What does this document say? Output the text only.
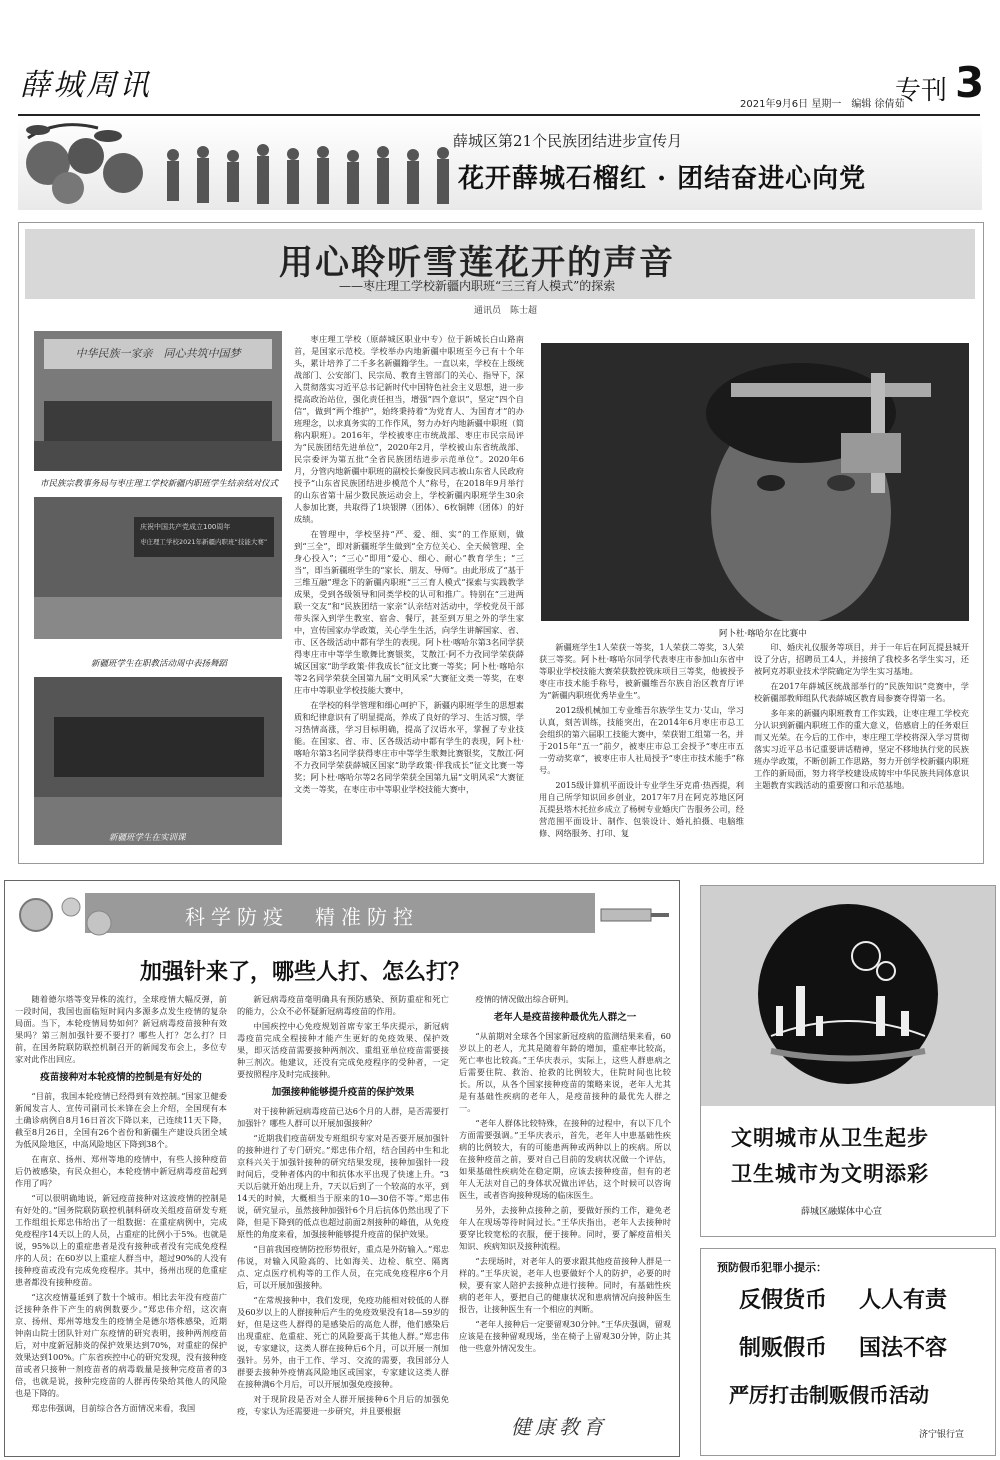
薛城周讯
2021年9月6日 星期一　编辑 徐倩茹
专刊 3
薛城区第21个民族团结进步宣传月
花开薛城石榴红 · 团结奋进心向党
用心聆听雪莲花开的声音
——枣庄理工学校新疆内职班“三三育人模式”的探索
通讯员　陈士超
中华民族一家亲　同心共筑中国梦
市民族宗教事务局与枣庄理工学校新疆内职班学生结亲结对仪式
庆祝中国共产党成立100周年
枣庄理工学校2021年新疆内职班“技能大赛”
新疆班学生在职教活动周中表扬舞蹈
新疆班学生在实训课

枣庄理工学校（原薛城区职业中专）位于新城长白山路南首，是国家示范校。学校举办内地新疆中职班至今已有十个年头，累计培养了二千多名新疆籍学生。一直以来，学校在上级统战部门、公安部门、民宗局、教育主管部门的关心、指导下，深入贯彻落实习近平总书记新时代中国特色社会主义思想，进一步提高政治站位，强化责任担当，增强“四个意识”，坚定“四个自信”，做到“两个维护”，始终秉持着“为党育人、为国育才”的办班理念，以求真务实的工作作风，努力办好内地新疆中职班（简称内职班）。2016年，学校被枣庄市统战部、枣庄市民宗局评为“民族团结先进单位”，2020年2月，学校被山东省统战部、民宗委评为第五批“全省民族团结进步示范单位”。2020年6月，分管内地新疆中职班的副校长秦俊民同志被山东省人民政府授予“山东省民族团结进步模范个人”称号，在2018年9月举行的山东省第十届少数民族运动会上，学校新疆内职班学生30余人参加比赛，共取得了1块银牌（团体）、6枚铜牌（团体）的好成绩。

在管理中，学校坚持“严、爱、细、实”的工作原则，做到“三全”，即对新疆班学生做到“全方位关心、全天候管理、全身心投入”；“三心”即用“爱心、细心、耐心”教育学生；“三当”，即当新疆班学生的“家长、朋友、导师”。由此形成了“基于三维互融”理念下的新疆内职班“三三育人模式”探索与实践教学成果，受到各级领导和同类学校的认可和推广。特别在“三进两联一交友”和“民族团结一家亲”认亲结对活动中，学校党员干部带头深入到学生教室、宿舍、餐厅，甚至到万里之外的学生家中，宣传国家办学政策，关心学生生活，向学生讲解国家、省、市、区各级活动中都有学生的表现。阿卜杜·喀哈尔第3名同学获得枣庄市中等学生歌舞比赛银奖，艾散江·阿不力孜同学荣获薛城区国家“助学政策·伴我成长”征文比赛一等奖；阿卜杜·喀哈尔等2名同学荣获全国第九届“文明风采”大赛征文类一等奖，在枣庄市中等职业学校技能大赛中，

在学校的科学管理和细心呵护下，新疆内职班学生的思想素质和纪律意识有了明显提高，养成了良好的学习、生活习惯，学习热情高涨，学习目标明确，提高了汉语水平，掌握了专业技能。在国家、省、市、区各级活动中都有学生的表现，阿卜杜·喀哈尔第3名同学获得枣庄市中等学生歌舞比赛银奖，艾散江·阿不力孜同学荣获薛城区国家“助学政策·伴我成长”征文比赛一等奖；阿卜杜·喀哈尔等2名同学荣获全国第九届“文明风采”大赛征文类一等奖，在枣庄市中等职业学校技能大赛中，

阿卜杜·喀哈尔在比赛中

新疆班学生1人荣获一等奖，1人荣获二等奖，3人荣获三等奖。阿卜杜·喀哈尔同学代表枣庄市参加山东省中等职业学校技能大赛荣获数控铣床项目三等奖，他被授予枣庄市技术能手称号，被新疆维吾尔族自治区教育厅评为“新疆内职班优秀毕业生”。

2012级机械加工专业维吾尔族学生艾力·艾山，学习认真，刻苦训练，技能突出，在2014年6月枣庄市总工会组织的第六届职工技能大赛中，荣获钳工组第一名，并于2015年“五一”前夕，被枣庄市总工会授予“枣庄市五一劳动奖章”，被枣庄市人社局授予“枣庄市技术能手”称号。

2015级计算机平面设计专业学生牙克甫·热西提，利用自己所学知识回乡创业，2017年7月在阿克苏地区阿瓦提县塔木托拉乡成立了杨树专业婚庆广告服务公司，经营范围平面设计、制作、包装设计、婚礼拍摄、电脑维修、网络服务、打印、复

印、婚庆礼仪服务等项目，并于一年后在阿瓦提县城开设了分店，招聘员工4人，并接纳了我校多名学生实习，还被阿克苏职业技术学院确定为学生实习基地。

在2017年薛城区统战部举行的“民族知识”竞赛中，学校新疆部教师组队代表薛城区教育局参赛夺得第一名。

多年来的新疆内职班教育工作实践，让枣庄理工学校充分认识到新疆内职班工作的重大意义，倍感肩上的任务艰巨而又光荣。在今后的工作中，枣庄理工学校将深入学习贯彻落实习近平总书记重要讲话精神，坚定不移地执行党的民族班办学政策，不断创新工作思路，努力开创学校新疆内职班工作的新局面，努力将学校建设成铸牢中华民族共同体意识主题教育实践活动的重要窗口和示范基地。

科学防疫　精准防控
加强针来了，哪些人打、怎么打？

随着德尔塔等变异株的流行，全球疫情大幅反弹，前一段时间，我国也面临短时间内多源多点发生疫情的复杂局面。当下，本轮疫情局势如何？新冠病毒疫苗接种有效果吗？第三剂加强针要不要打？哪些人打？怎么打？日前，在国务院联防联控机制召开的新闻发布会上，多位专家对此作出回应。

疫苗接种对本轮疫情的控制是有好处的

“目前，我国本轮疫情已经得到有效控制。”国家卫健委新闻发言人、宣传司副司长米锋在会上介绍，全国现有本土确诊病例自8月16日首次下降以来，已连续11天下降，截至8月26日，全国有26个省份和新疆生产建设兵团全域为低风险地区，中高风险地区下降到38个。

在南京、扬州、郑州等地的疫情中，有些人接种疫苗后仍被感染，有民众担心，本轮疫情中新冠病毒疫苗起到作用了吗？

“可以很明确地说，新冠疫苗接种对这波疫情的控制是有好处的。”国务院联防联控机制科研攻关组疫苗研发专班工作组组长郑忠伟给出了一组数据：在重症病例中，完成免疫程序14天以上的人员，占重症的比例小于5%。也就是说，95%以上的重症患者是没有接种或者没有完成免疫程序的人员；在60岁以上重症人群当中，超过90%的人没有接种疫苗或没有完成免疫程序。其中，扬州出现的危重症患者都没有接种疫苗。

“这次疫情蔓延到了数十个城市。相比去年没有疫苗广泛接种条件下产生的病例数要少。”郑忠伟介绍，这次南京、扬州、郑州等地发生的疫情全是德尔塔株感染，近期钟南山院士团队针对广东疫情的研究表明，接种两剂疫苗后，对中度新冠肺炎的保护效果达到70%，对重症的保护效果达到100%。广东省疾控中心的研究发现，没有接种疫苗或者只接种一剂疫苗者的病毒载量是接种完疫苗者的3倍，也就是说，接种完疫苗的人群再传染给其他人的风险也是下降的。

郑忠伟强调，目前综合各方面情况来看，我国

新冠病毒疫苗毫明确具有预防感染、预防重症和死亡的能力，公众不必怀疑新冠病毒疫苗的作用。

中国疾控中心免疫规划首席专家王华庆提示，新冠病毒疫苗完成全程接种才能产生更好的免疫效果、保护效果，即灭活疫苗需要接种两剂次、重组亚单位疫苗需要接种三剂次。他建议，还没有完成免疫程序的受种者，一定要按照程序及时完成接种。

加强接种能够提升疫苗的保护效果

对于接种新冠病毒疫苗已达6个月的人群，是否需要打加强针？哪些人群可以开展加强接种？

“近期我们疫苗研发专班组织专家对是否要开展加强针的接种进行了专门研究。”郑忠伟介绍，结合国药中生和北京科兴关于加强针接种的研究结果发现，接种加强针一段时间后，受种者体内的中和抗体水平出现了快速上升。“3天以后就开始出现上升，7天以后到了一个较高的水平，到14天的时候，大概相当于原来的10—30倍不等。”郑忠伟说，研究显示，虽然接种加强针6个月后抗体仍然出现了下降，但是下降到的低点也超过前面2剂接种的峰值，从免疫原性的角度来看，加强接种能够提升疫苗的保护效果。

“目前我国疫情防控形势很好，重点是外防输入。”郑忠伟说，对输入风险高的、比如海关、边检、航空、隔离点、定点医疗机构等的工作人员，在完成免疫程序6个月后，可以开展加强接种。

“在常规接种中，我们发现，免疫功能相对较低的人群及60岁以上的人群接种后产生的免疫效果没有18—59岁的好，但是这些人群得的是感染后的高危人群，他们感染后出现重症、危重症、死亡的风险要高于其他人群。”郑忠伟说，专家建议，这类人群在接种后6个月，可以开展一剂加强针。另外，由于工作、学习、交流的需要，我国部分人群要去接种外疫情高风险地区或国家，专家建议这类人群在接种满6个月后，可以开展加强免疫接种。

对于现阶段是否对全人群开展接种6个月后的加强免疫，专家认为还需要进一步研究，并且要根据

疫情的情况做出综合研判。

老年人是疫苗接种最优先人群之一

“从前期对全球各个国家新冠疫病的监测结果来看，60岁以上的老人，尤其是随着年龄的增加，重症率比较高，死亡率也比较高。”王华庆表示，实际上，这些人群患病之后需要住院、救治、抢救的比例较大，住院时间也比较长。所以，从各个国家接种疫苗的策略来说，老年人尤其是有基础性疾病的老年人，是疫苗接种的最优先人群之一。

“老年人群体比较特殊，在接种的过程中，有以下几个方面需要强调。”王华庆表示，首先，老年人中患基础性疾病的比例较大，有的可能患两种或两种以上的疾病。所以在接种疫苗之前，要对自己目前的发病状况做一个评估，如果基础性疾病处在稳定期，应该去接种疫苗，但有的老年人无法对自己的身体状况做出评估，这个时候可以咨询医生，或者咨询接种现场的临床医生。

另外，去接种点接种之前，要做好预约工作，避免老年人在现场等待时间过长。”王华庆指出，老年人去接种时要穿比较宽松的衣服，便于接种。同时，要了解疫苗相关知识、疾病知识及接种流程。

“去现场时，对老年人的要求跟其他疫苗接种人群是一样的。”王华庆说，老年人也要做好个人的防护，必要的时候，要有家人陪护去接种点进行接种。同时，有基础性疾病的老年人，要把自己的健康状况和患病情况向接种医生报告，让接种医生有一个相应的判断。

“老年人接种后一定要留观30分钟。”王华庆强调，留观应该是在接种留观现场，坐在椅子上留观30分钟，防止其他一些意外情况发生。

健康教育
文明城市从卫生起步
卫生城市为文明添彩
薛城区融媒体中心宣
预防假币犯罪小提示：
反假货币 人人有责
制贩假币 国法不容
严厉打击制贩假币活动
济宁银行宣
